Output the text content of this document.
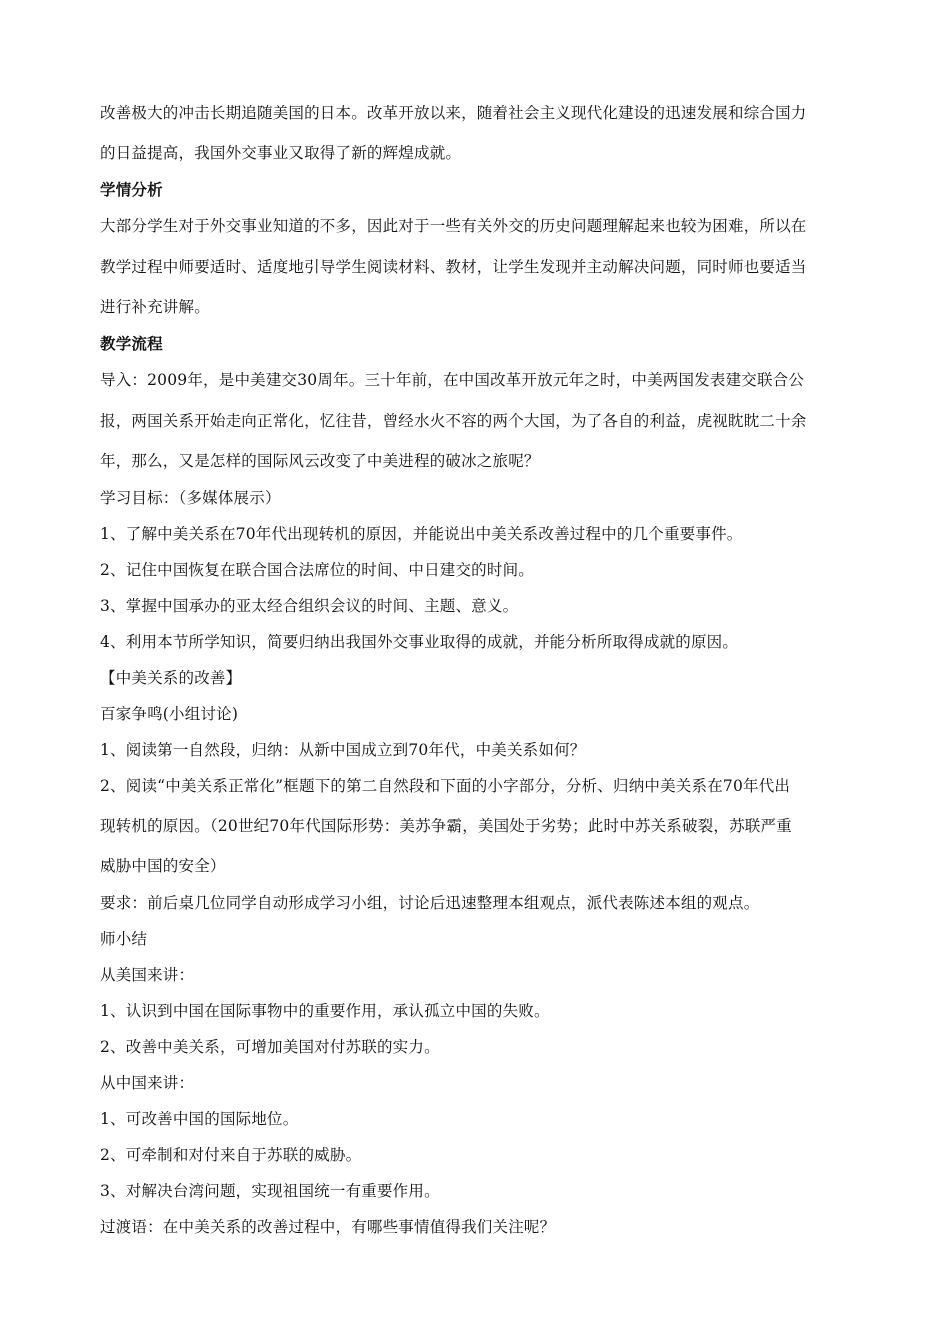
改善极大的冲击长期追随美国的日本。改革开放以来，随着社会主义现代化建设的迅速发展和综合国力
的日益提高，我国外交事业又取得了新的辉煌成就。
学情分析
大部分学生对于外交事业知道的不多，因此对于一些有关外交的历史问题理解起来也较为困难，所以在
教学过程中师要适时、适度地引导学生阅读材料、教材，让学生发现并主动解决问题，同时师也要适当
进行补充讲解。
教学流程
导入：2009年，是中美建交30周年。三十年前，在中国改革开放元年之时，中美两国发表建交联合公
报，两国关系开始走向正常化，忆往昔，曾经水火不容的两个大国，为了各自的利益，虎视眈眈二十余
年，那么，又是怎样的国际风云改变了中美进程的破冰之旅呢？
学习目标：（多媒体展示）
1、了解中美关系在70年代出现转机的原因，并能说出中美关系改善过程中的几个重要事件。
2、记住中国恢复在联合国合法席位的时间、中日建交的时间。
3、掌握中国承办的亚太经合组织会议的时间、主题、意义。
4、利用本节所学知识，简要归纳出我国外交事业取得的成就，并能分析所取得成就的原因。
【中美关系的改善】
百家争鸣(小组讨论)
1、阅读第一自然段，归纳：从新中国成立到70年代，中美关系如何？
2、阅读“中美关系正常化”框题下的第二自然段和下面的小字部分，分析、归纳中美关系在70年代出
现转机的原因。（20世纪70年代国际形势：美苏争霸，美国处于劣势；此时中苏关系破裂，苏联严重
威胁中国的安全）
要求：前后桌几位同学自动形成学习小组，讨论后迅速整理本组观点，派代表陈述本组的观点。
师小结
从美国来讲：
1、认识到中国在国际事物中的重要作用，承认孤立中国的失败。
2、改善中美关系，可增加美国对付苏联的实力。
从中国来讲：
1、可改善中国的国际地位。
2、可牵制和对付来自于苏联的威胁。
3、对解决台湾问题，实现祖国统一有重要作用。
过渡语：在中美关系的改善过程中，有哪些事情值得我们关注呢？
